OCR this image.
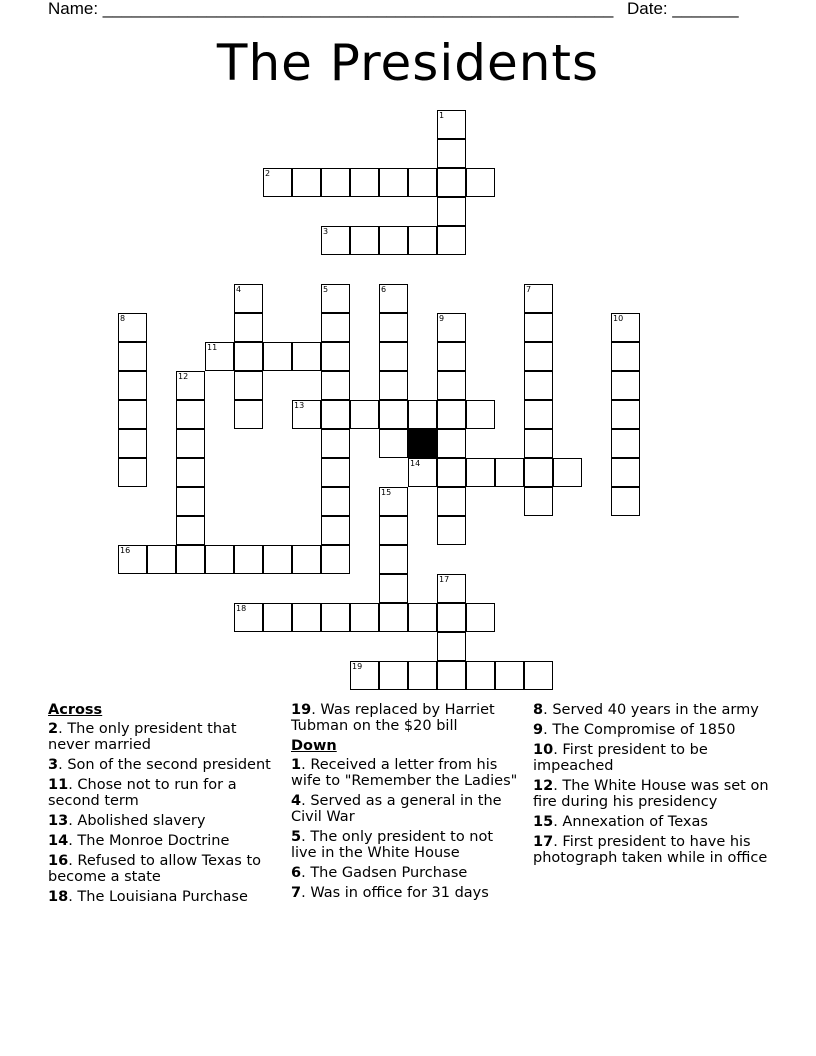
Name: ______________________________________________________ Date: _______
The Presidents
1
2
3
4	5	6	7
8	9	10
11
12
13
14
15
16
17
18
19
Across
2. The only president that never married
3. Son of the second president
11. Chose not to run for a second term
13. Abolished slavery
14. The Monroe Doctrine
16. Refused to allow Texas to become a state
18. The Louisiana Purchase
19. Was replaced by Harriet Tubman on the $20 bill
Down
1. Received a letter from his wife to "Remember the Ladies"
4. Served as a general in the Civil War
5. The only president to not live in the White House
6. The Gadsen Purchase
7. Was in office for 31 days
8. Served 40 years in the army
9. The Compromise of 1850
10. First president to be impeached
12. The White House was set on fire during his presidency
15. Annexation of Texas
17. First president to have his photograph taken while in office
